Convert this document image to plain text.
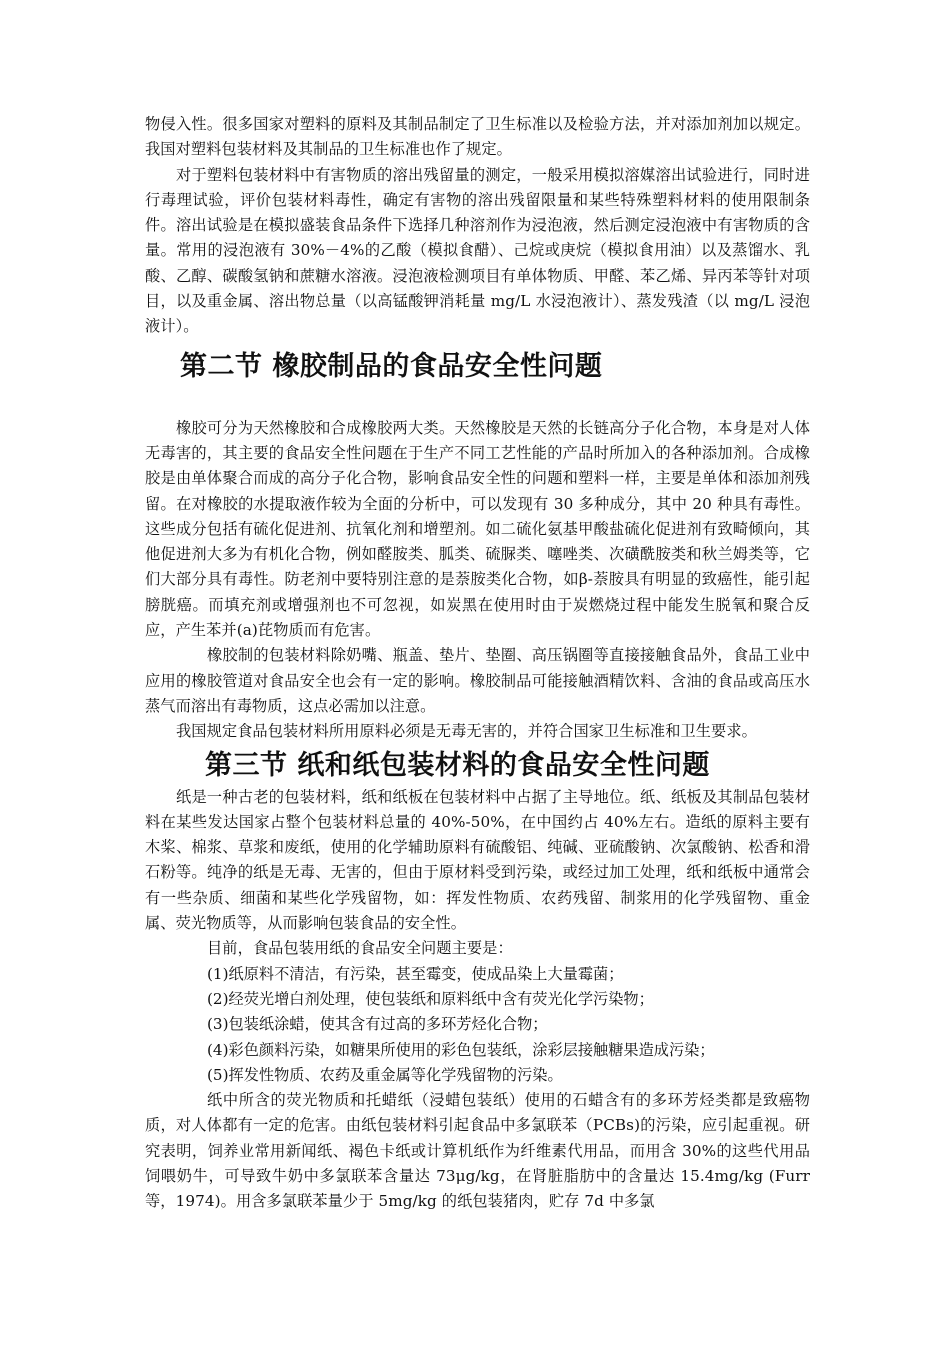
物侵入性。很多国家对塑料的原料及其制品制定了卫生标准以及检验方法，并对添加剂加以规定。我国对塑料包装材料及其制品的卫生标准也作了规定。

对于塑料包装材料中有害物质的溶出残留量的测定，一般采用模拟溶媒溶出试验进行，同时进行毒理试验，评价包装材料毒性，确定有害物的溶出残留限量和某些特殊塑料材料的使用限制条件。溶出试验是在模拟盛装食品条件下选择几种溶剂作为浸泡液，然后测定浸泡液中有害物质的含量。常用的浸泡液有 30%－4%的乙酸（模拟食醋）、己烷或庚烷（模拟食用油）以及蒸馏水、乳酸、乙醇、碳酸氢钠和蔗糖水溶液。浸泡液检测项目有单体物质、甲醛、苯乙烯、异丙苯等针对项目，以及重金属、溶出物总量（以高锰酸钾消耗量 mg/L 水浸泡液计）、蒸发残渣（以 mg/L 浸泡液计）。

第二节 橡胶制品的食品安全性问题

橡胶可分为天然橡胶和合成橡胶两大类。天然橡胶是天然的长链高分子化合物，本身是对人体无毒害的，其主要的食品安全性问题在于生产不同工艺性能的产品时所加入的各种添加剂。合成橡胶是由单体聚合而成的高分子化合物，影响食品安全性的问题和塑料一样，主要是单体和添加剂残留。在对橡胶的水提取液作较为全面的分析中，可以发现有 30 多种成分，其中 20 种具有毒性。这些成分包括有硫化促进剂、抗氧化剂和增塑剂。如二硫化氨基甲酸盐硫化促进剂有致畸倾向，其他促进剂大多为有机化合物，例如醛胺类、胍类、硫脲类、噻唑类、次磺酰胺类和秋兰姆类等，它们大部分具有毒性。防老剂中要特别注意的是萘胺类化合物，如β-萘胺具有明显的致癌性，能引起膀胱癌。而填充剂或增强剂也不可忽视，如炭黑在使用时由于炭燃烧过程中能发生脱氧和聚合反应，产生苯并(a)芘物质而有危害。

橡胶制的包装材料除奶嘴、瓶盖、垫片、垫圈、高压锅圈等直接接触食品外，食品工业中应用的橡胶管道对食品安全也会有一定的影响。橡胶制品可能接触酒精饮料、含油的食品或高压水蒸气而溶出有毒物质，这点必需加以注意。

我国规定食品包装材料所用原料必须是无毒无害的，并符合国家卫生标准和卫生要求。

第三节 纸和纸包装材料的食品安全性问题

纸是一种古老的包装材料，纸和纸板在包装材料中占据了主导地位。纸、纸板及其制品包装材料在某些发达国家占整个包装材料总量的 40%-50%，在中国约占 40%左右。造纸的原料主要有木桨、棉浆、草浆和废纸，使用的化学辅助原料有硫酸铝、纯碱、亚硫酸钠、次氯酸钠、松香和滑石粉等。纯净的纸是无毒、无害的，但由于原材料受到污染，或经过加工处理，纸和纸板中通常会有一些杂质、细菌和某些化学残留物，如：挥发性物质、农药残留、制浆用的化学残留物、重金属、荧光物质等，从而影响包装食品的安全性。

目前，食品包装用纸的食品安全问题主要是：

(1)纸原料不清洁，有污染，甚至霉变，使成品染上大量霉菌；

(2)经荧光增白剂处理，使包装纸和原料纸中含有荧光化学污染物；

(3)包装纸涂蜡，使其含有过高的多环芳烃化合物；

(4)彩色颜料污染，如糖果所使用的彩色包装纸，涂彩层接触糖果造成污染；

(5)挥发性物质、农药及重金属等化学残留物的污染。

纸中所含的荧光物质和托蜡纸（浸蜡包装纸）使用的石蜡含有的多环芳烃类都是致癌物质，对人体都有一定的危害。由纸包装材料引起食品中多氯联苯（PCBs)的污染，应引起重视。研究表明，饲养业常用新闻纸、褐色卡纸或计算机纸作为纤维素代用品，而用含 30%的这些代用品饲喂奶牛，可导致牛奶中多氯联苯含量达 73μg/kg，在肾脏脂肪中的含量达 15.4mg/kg (Furr 等，1974)。用含多氯联苯量少于 5mg/kg 的纸包装猪肉，贮存 7d 中多氯
